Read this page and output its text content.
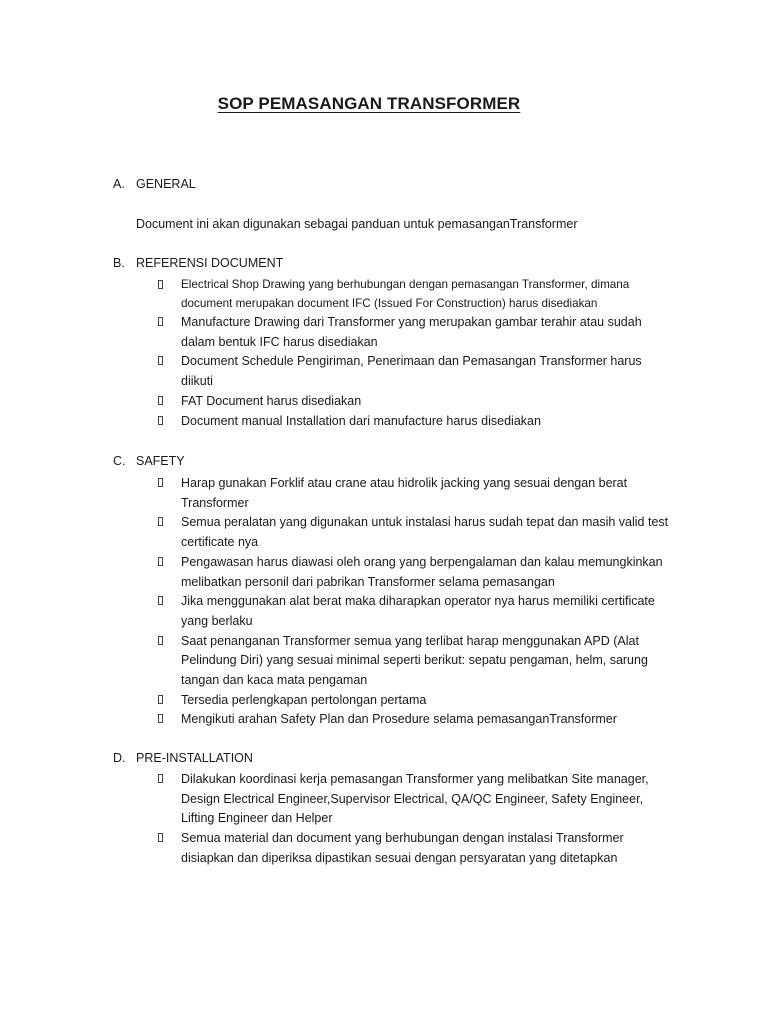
SOP PEMASANGAN TRANSFORMER
A. GENERAL
Document ini akan digunakan sebagai panduan untuk pemasanganTransformer
B. REFERENSI DOCUMENT
Electrical Shop Drawing yang berhubungan dengan pemasangan Transformer, dimana document merupakan document IFC (Issued For Construction) harus disediakan
Manufacture Drawing dari Transformer yang merupakan gambar terahir atau sudah dalam bentuk IFC harus disediakan
Document Schedule Pengiriman, Penerimaan dan Pemasangan Transformer harus diikuti
FAT Document harus disediakan
Document manual Installation dari manufacture harus disediakan
C. SAFETY
Harap gunakan Forklif atau crane atau hidrolik jacking yang sesuai dengan berat Transformer
Semua peralatan yang digunakan untuk instalasi harus sudah tepat dan masih valid test certificate nya
Pengawasan harus diawasi oleh orang yang berpengalaman dan kalau memungkinkan melibatkan personil dari pabrikan Transformer selama pemasangan
Jika menggunakan alat berat maka diharapkan operator nya harus memiliki certificate yang berlaku
Saat penanganan Transformer semua yang terlibat harap menggunakan APD (Alat Pelindung Diri) yang sesuai minimal seperti berikut: sepatu pengaman, helm, sarung tangan dan kaca mata pengaman
Tersedia perlengkapan pertolongan pertama
Mengikuti arahan Safety Plan dan Prosedure selama pemasanganTransformer
D. PRE-INSTALLATION
Dilakukan koordinasi kerja pemasangan Transformer yang melibatkan Site manager, Design Electrical Engineer,Supervisor Electrical, QA/QC Engineer, Safety Engineer, Lifting Engineer dan Helper
Semua material dan document yang berhubungan dengan instalasi Transformer disiapkan dan diperiksa dipastikan sesuai dengan persyaratan yang ditetapkan
